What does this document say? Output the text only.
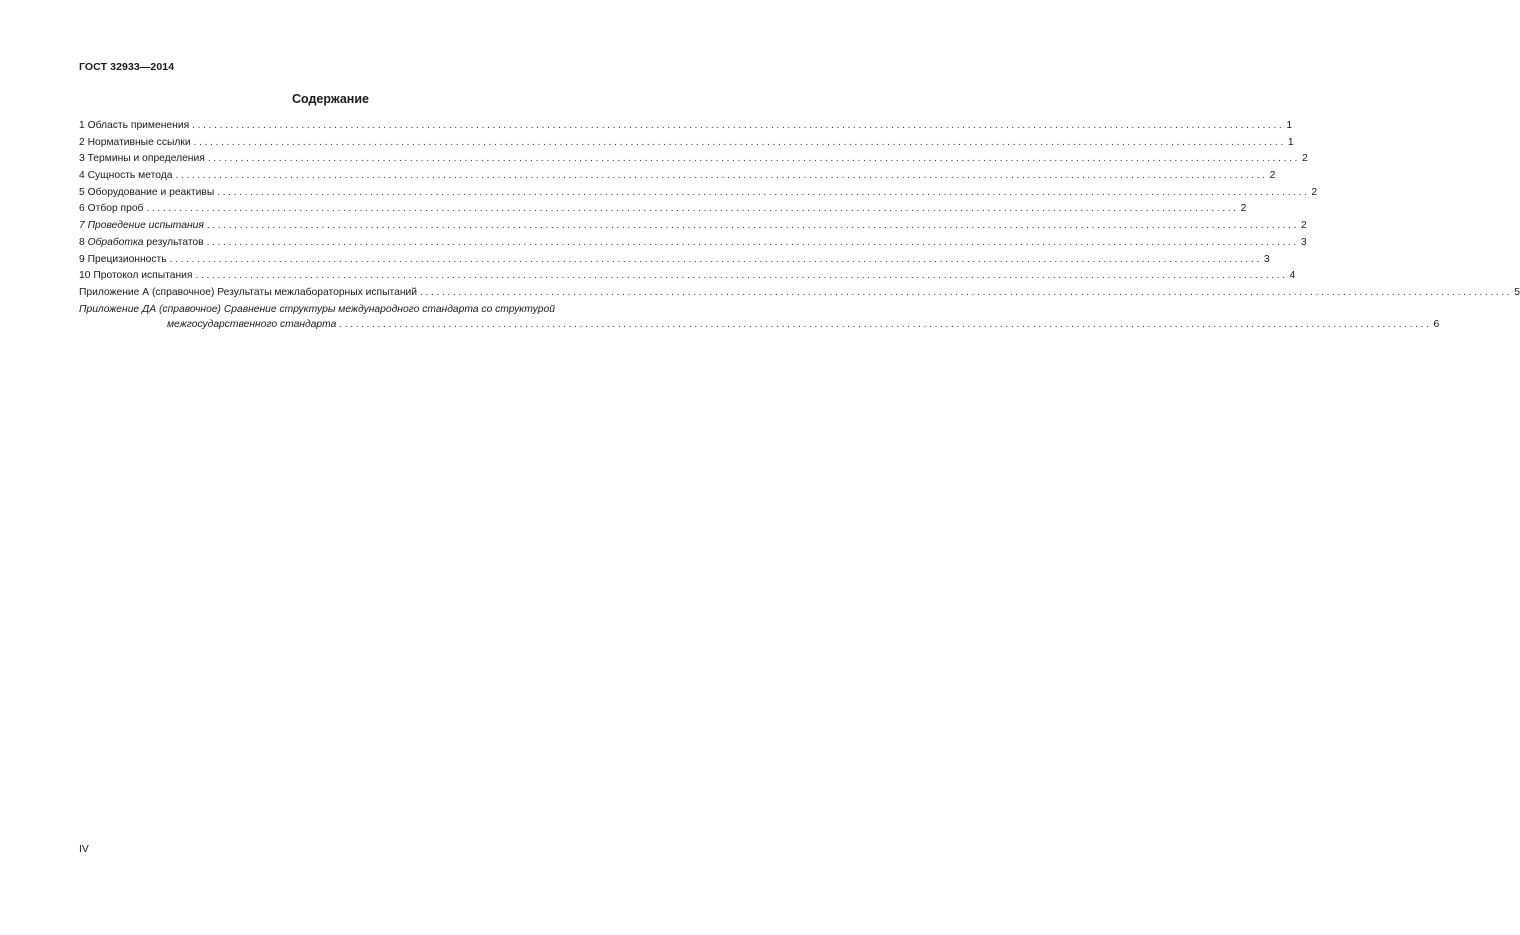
ГОСТ 32933—2014
Содержание
1 Область применения ........................................................................................................................................................................................................ 1
2 Нормативные ссылки ........................................................................................................................................................................................................ 1
3 Термины и определения ........................................................................................................................................................................................................ 2
4 Сущность метода ........................................................................................................................................................................................................ 2
5 Оборудование и реактивы ........................................................................................................................................................................................................ 2
6 Отбор проб ........................................................................................................................................................................................................ 2
7 Проведение испытания ........................................................................................................................................................................................................ 2
8 Обработка результатов ........................................................................................................................................................................................................ 3
9 Прецизионность ........................................................................................................................................................................................................ 3
10 Протокол испытания ........................................................................................................................................................................................................ 4
Приложение А (справочное) Результаты межлабораторных испытаний ........................................................................................................................................................................................................ 5
Приложение ДА (справочное) Сравнение структуры международного стандарта со структурой
межгосударственного стандарта ........................................................................................................................................................................................................ 6
IV
